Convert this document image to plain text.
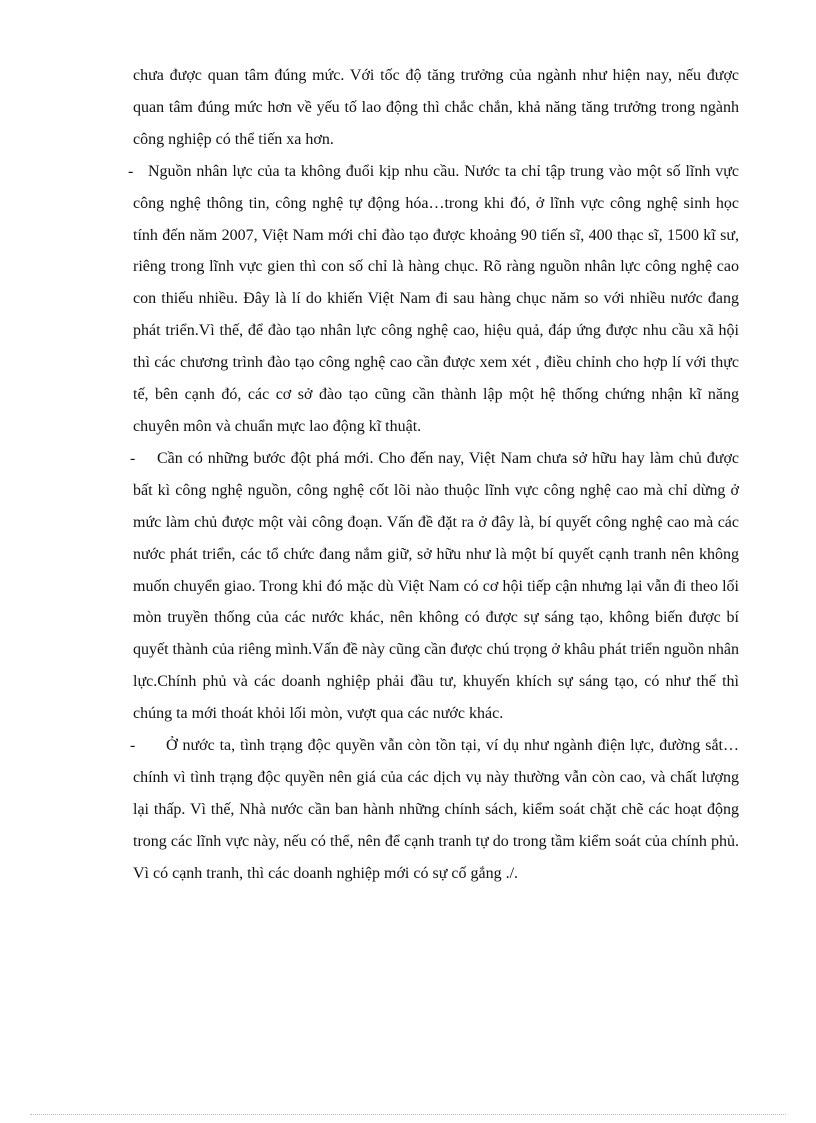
chưa được quan tâm đúng mức. Với tốc độ tăng trưởng của ngành như hiện nay, nếu được quan tâm đúng mức hơn về yếu tố lao động thì chắc chắn, khả năng tăng trưởng trong ngành công nghiệp có thể tiến xa hơn.

- Nguồn nhân lực của ta không đuổi kịp nhu cầu. Nước ta chỉ tập trung vào một số lĩnh vực công nghệ thông tin, công nghệ tự động hóa…trong khi đó, ở lĩnh vực công nghệ sinh học tính đến năm 2007, Việt Nam mới chỉ đào tạo được khoảng 90 tiến sĩ, 400 thạc sĩ, 1500 kĩ sư, riêng trong lĩnh vực gien thì con số chỉ là hàng chục. Rõ ràng nguồn nhân lực công nghệ cao con thiếu nhiều. Đây là lí do khiến Việt Nam đi sau hàng chục năm so với nhiều nước đang phát triển.Vì thế, để đào tạo nhân lực công nghệ cao, hiệu quả, đáp ứng được nhu cầu xã hội thì các chương trình đào tạo công nghệ cao cần được xem xét , điều chỉnh cho hợp lí với thực tế, bên cạnh đó, các cơ sở đào tạo cũng cần thành lập một hệ thống chứng nhận kĩ năng chuyên môn và chuẩn mực lao động kĩ thuật.
- Cần có những bước đột phá mới. Cho đến nay, Việt Nam chưa sở hữu hay làm chủ được bất kì công nghệ nguồn, công nghệ cốt lõi nào thuộc lĩnh vực công nghệ cao mà chỉ dừng ở mức làm chủ được một vài công đoạn. Vấn đề đặt ra ở đây là, bí quyết công nghệ cao mà các nước phát triển, các tổ chức đang nắm giữ, sở hữu như là một bí quyết cạnh tranh nên không muốn chuyển giao. Trong khi đó mặc dù Việt Nam có cơ hội tiếp cận nhưng lại vẫn đi theo lối mòn truyền thống của các nước khác, nên không có được sự sáng tạo, không biến được bí quyết thành của riêng mình.Vấn đề này cũng cần được chú trọng ở khâu phát triển nguồn nhân lực.Chính phủ và các doanh nghiệp phải đầu tư, khuyến khích sự sáng tạo, có như thế thì chúng ta mới thoát khỏi lối mòn, vượt qua các nước khác.
- Ở nước ta, tình trạng độc quyền vẫn còn tồn tại, ví dụ như ngành điện lực, đường sắt…chính vì tình trạng độc quyền nên giá của các dịch vụ này thường vẫn còn cao, và chất lượng lại thấp. Vì thế, Nhà nước cần ban hành những chính sách, kiểm soát chặt chẽ các hoạt động trong các lĩnh vực này, nếu có thể, nên để cạnh tranh tự do trong tầm kiểm soát của chính phủ. Vì có cạnh tranh, thì các doanh nghiệp mới có sự cố gắng ./.
